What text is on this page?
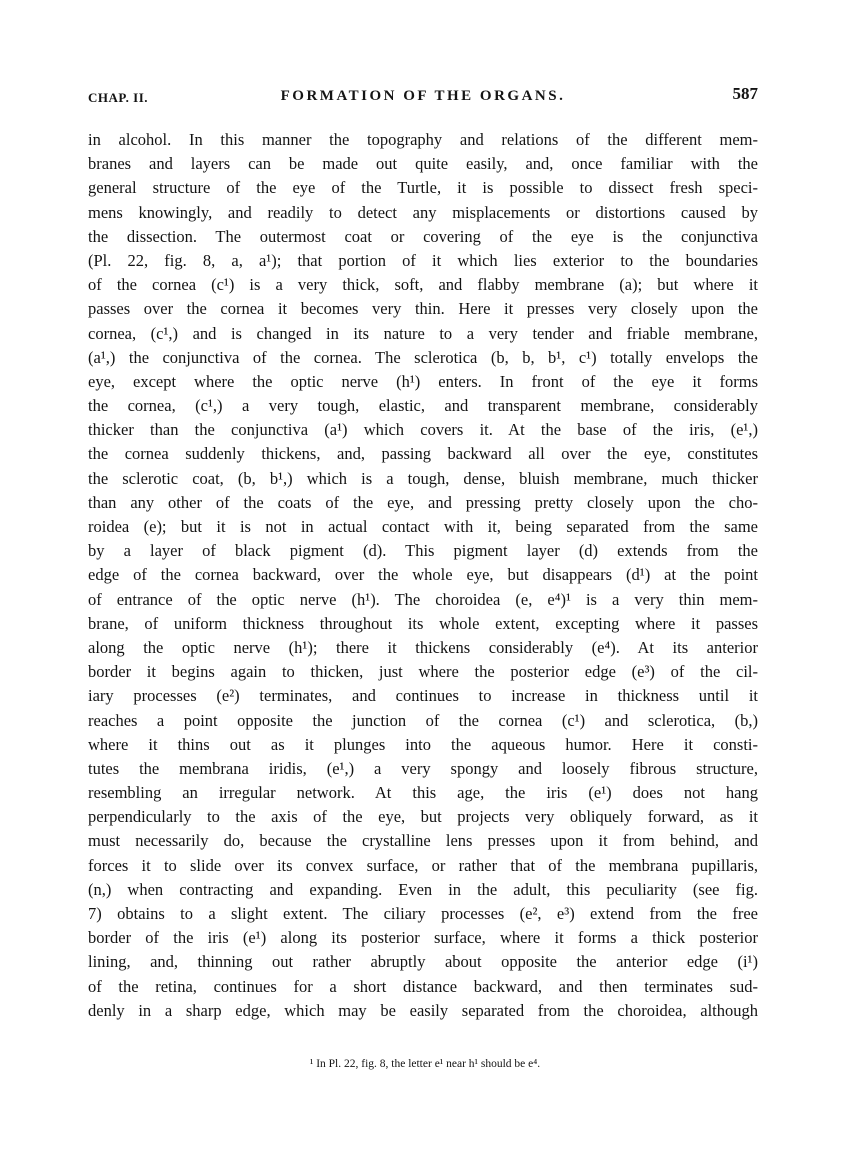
CHAP. II.	FORMATION OF THE ORGANS.	587
in alcohol. In this manner the topography and relations of the different mem-
branes and layers can be made out quite easily, and, once familiar with the
general structure of the eye of the Turtle, it is possible to dissect fresh speci-
mens knowingly, and readily to detect any misplacements or distortions caused by
the dissection. The outermost coat or covering of the eye is the conjunctiva
(Pl. 22, fig. 8, a, a¹); that portion of it which lies exterior to the boundaries
of the cornea (c¹) is a very thick, soft, and flabby membrane (a); but where it
passes over the cornea it becomes very thin. Here it presses very closely upon the
cornea, (c¹,) and is changed in its nature to a very tender and friable membrane,
(a¹,) the conjunctiva of the cornea. The sclerotica (b, b, b¹, c¹) totally envelops the
eye, except where the optic nerve (h¹) enters. In front of the eye it forms
the cornea, (c¹,) a very tough, elastic, and transparent membrane, considerably
thicker than the conjunctiva (a¹) which covers it. At the base of the iris, (e¹,)
the cornea suddenly thickens, and, passing backward all over the eye, constitutes
the sclerotic coat, (b, b¹,) which is a tough, dense, bluish membrane, much thicker
than any other of the coats of the eye, and pressing pretty closely upon the cho-
roidea (e); but it is not in actual contact with it, being separated from the same
by a layer of black pigment (d). This pigment layer (d) extends from the
edge of the cornea backward, over the whole eye, but disappears (d¹) at the point
of entrance of the optic nerve (h¹). The choroidea (e, e⁴)¹ is a very thin mem-
brane, of uniform thickness throughout its whole extent, excepting where it passes
along the optic nerve (h¹); there it thickens considerably (e⁴). At its anterior
border it begins again to thicken, just where the posterior edge (e³) of the cil-
iary processes (e²) terminates, and continues to increase in thickness until it
reaches a point opposite the junction of the cornea (c¹) and sclerotica, (b,)
where it thins out as it plunges into the aqueous humor. Here it consti-
tutes the membrana iridis, (e¹,) a very spongy and loosely fibrous structure,
resembling an irregular network. At this age, the iris (e¹) does not hang
perpendicularly to the axis of the eye, but projects very obliquely forward, as it
must necessarily do, because the crystalline lens presses upon it from behind, and
forces it to slide over its convex surface, or rather that of the membrana pupillaris,
(n,) when contracting and expanding. Even in the adult, this peculiarity (see fig.
7) obtains to a slight extent. The ciliary processes (e², e³) extend from the free
border of the iris (e¹) along its posterior surface, where it forms a thick posterior
lining, and, thinning out rather abruptly about opposite the anterior edge (i¹)
of the retina, continues for a short distance backward, and then terminates sud-
denly in a sharp edge, which may be easily separated from the choroidea, although
¹ In Pl. 22, fig. 8, the letter e¹ near h¹ should be e⁴.
